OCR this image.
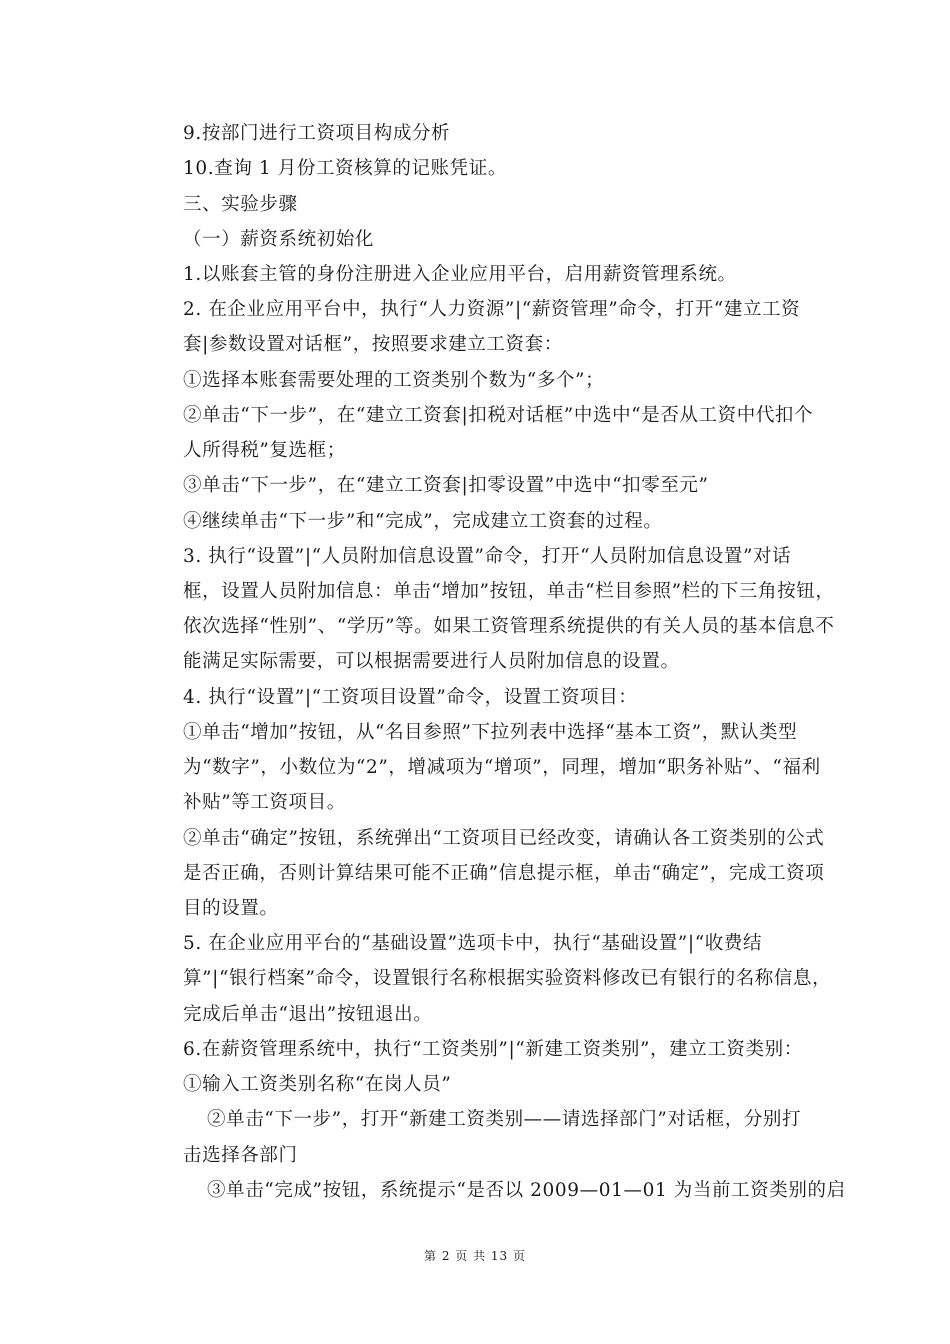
9.按部门进行工资项目构成分析
10.查询 1 月份工资核算的记账凭证。
三、实验步骤
（一）薪资系统初始化
1.以账套主管的身份注册进入企业应用平台，启用薪资管理系统。
2. 在企业应用平台中，执行“人力资源”|“薪资管理”命令，打开“建立工资
套|参数设置对话框”，按照要求建立工资套：
①选择本账套需要处理的工资类别个数为“多个”；
②单击“下一步”，在“建立工资套|扣税对话框”中选中“是否从工资中代扣个
人所得税”复选框；
③单击“下一步”，在“建立工资套|扣零设置”中选中“扣零至元”
④继续单击“下一步”和“完成”，完成建立工资套的过程。
3. 执行“设置”|“人员附加信息设置”命令，打开“人员附加信息设置”对话
框，设置人员附加信息：单击“增加”按钮，单击“栏目参照”栏的下三角按钮，
依次选择“性别”、“学历”等。如果工资管理系统提供的有关人员的基本信息不
能满足实际需要，可以根据需要进行人员附加信息的设置。
4. 执行“设置”|“工资项目设置”命令，设置工资项目：
①单击“增加”按钮，从“名目参照”下拉列表中选择“基本工资”，默认类型
为“数字”，小数位为“2”，增减项为“增项”，同理，增加“职务补贴”、“福利
补贴”等工资项目。
②单击“确定”按钮，系统弹出“工资项目已经改变，请确认各工资类别的公式
是否正确，否则计算结果可能不正确”信息提示框，单击“确定”，完成工资项
目的设置。
5. 在企业应用平台的“基础设置”选项卡中，执行“基础设置”|“收费结
算”|“银行档案”命令，设置银行名称根据实验资料修改已有银行的名称信息，
完成后单击“退出”按钮退出。
6.在薪资管理系统中，执行“工资类别”|“新建工资类别”，建立工资类别：
①输入工资类别名称“在岗人员”
②单击“下一步”，打开“新建工资类别——请选择部门”对话框，分别打
击选择各部门
③单击“完成”按钮，系统提示“是否以 2009—01—01 为当前工资类别的启
第 2 页 共 13 页
